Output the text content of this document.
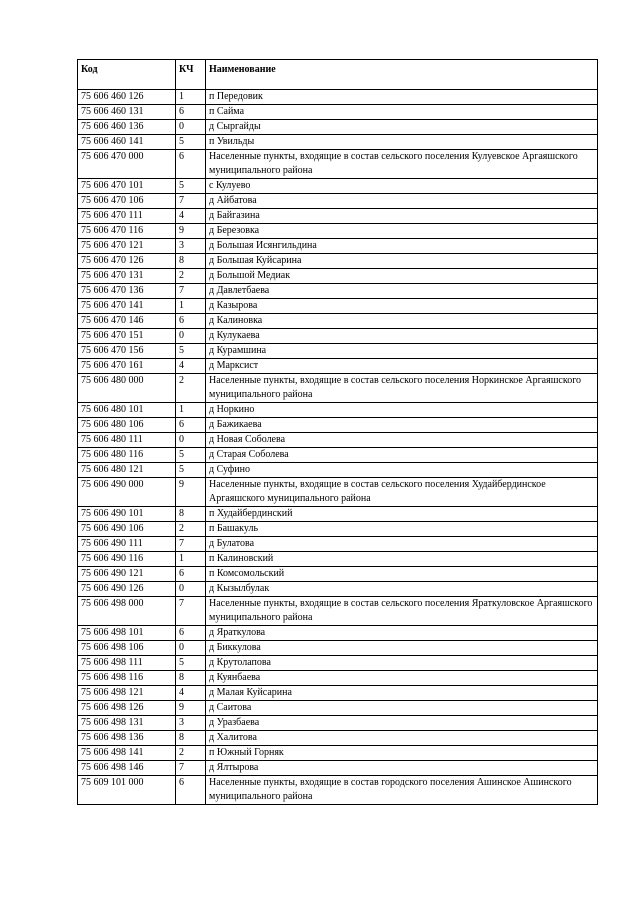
Код	КЧ	Наименование
75 606 460 126	1	п Передовик
75 606 460 131	6	п Сайма
75 606 460 136	0	д Сыргайды
75 606 460 141	5	п Увильды
75 606 470 000	6	Населенные пункты, входящие в состав сельского поселения Кулуевское Аргаяшского муниципального района
75 606 470 101	5	с Кулуево
75 606 470 106	7	д Айбатова
75 606 470 111	4	д Байгазина
75 606 470 116	9	д Березовка
75 606 470 121	3	д Большая Исянгильдина
75 606 470 126	8	д Большая Куйсарина
75 606 470 131	2	д Большой Медиак
75 606 470 136	7	д Давлетбаева
75 606 470 141	1	д Казырова
75 606 470 146	6	д Калиновка
75 606 470 151	0	д Кулукаева
75 606 470 156	5	д Курамшина
75 606 470 161	4	д Марксист
75 606 480 000	2	Населенные пункты, входящие в состав сельского поселения Норкинское Аргаяшского муниципального района
75 606 480 101	1	д Норкино
75 606 480 106	6	д Бажикаева
75 606 480 111	0	д Новая Соболева
75 606 480 116	5	д Старая Соболева
75 606 480 121	5	д Суфино
75 606 490 000	9	Населенные пункты, входящие в состав сельского поселения Худайбердинское Аргаяшского муниципального района
75 606 490 101	8	п Худайбердинский
75 606 490 106	2	п Башакуль
75 606 490 111	7	д Булатова
75 606 490 116	1	п Калиновский
75 606 490 121	6	п Комсомольский
75 606 490 126	0	д Кызылбулак
75 606 498 000	7	Населенные пункты, входящие в состав сельского поселения Яраткуловское Аргаяшского муниципального района
75 606 498 101	6	д Яраткулова
75 606 498 106	0	д Биккулова
75 606 498 111	5	д Крутолапова
75 606 498 116	8	д Куянбаева
75 606 498 121	4	д Малая Куйсарина
75 606 498 126	9	д Саитова
75 606 498 131	3	д Уразбаева
75 606 498 136	8	д Халитова
75 606 498 141	2	п Южный Горняк
75 606 498 146	7	д Ялтырова
75 609 101 000	6	Населенные пункты, входящие в состав городского поселения Ашинское Ашинского муниципального района
